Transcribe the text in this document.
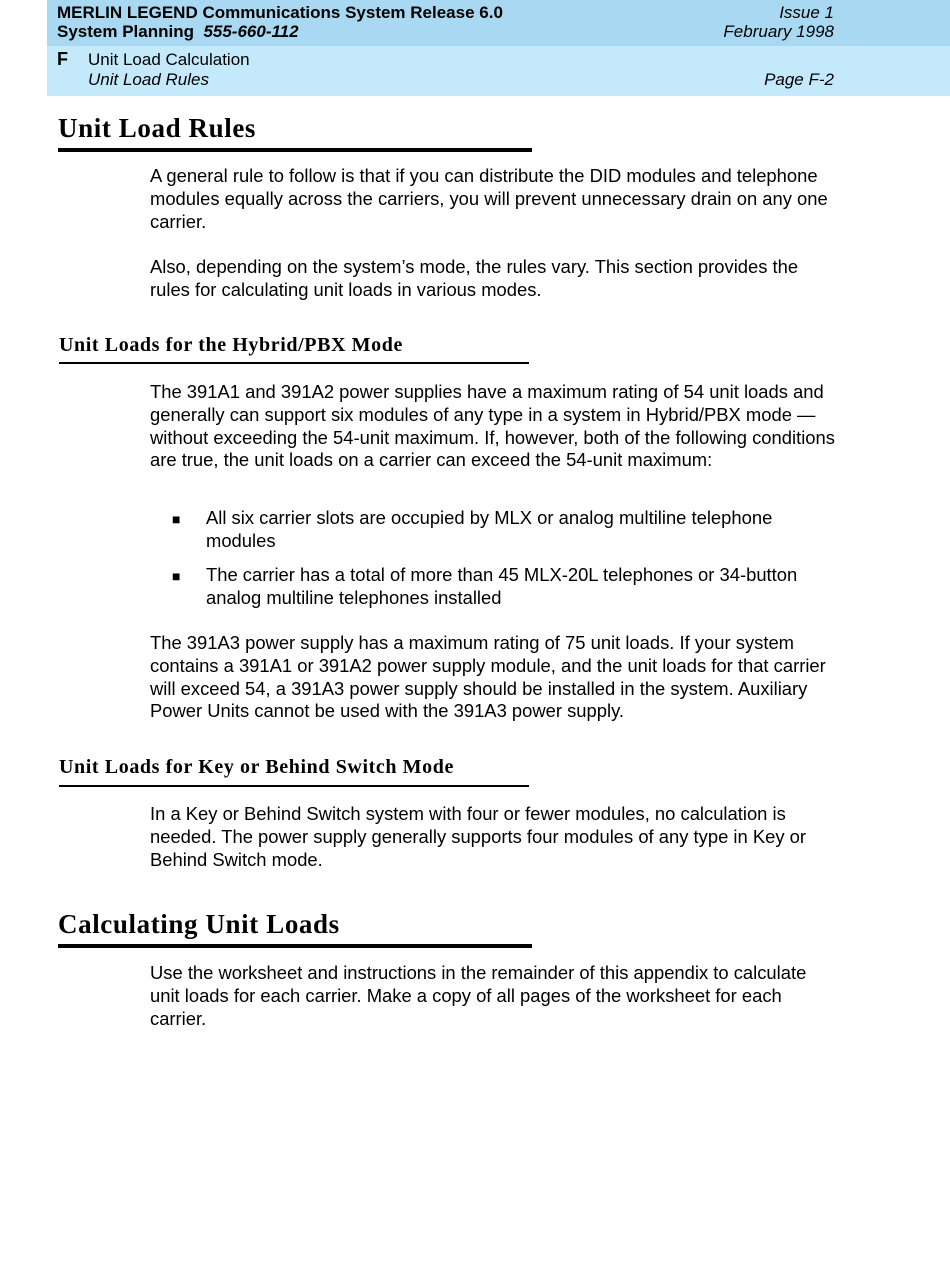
MERLIN LEGEND Communications System Release 6.0	Issue 1
System Planning 555-660-112	February 1998
F Unit Load Calculation
Unit Load Rules	Page F-2
Unit Load Rules
A general rule to follow is that if you can distribute the DID modules and telephone modules equally across the carriers, you will prevent unnecessary drain on any one carrier.
Also, depending on the system’s mode, the rules vary. This section provides the rules for calculating unit loads in various modes.
Unit Loads for the Hybrid/PBX Mode
The 391A1 and 391A2 power supplies have a maximum rating of 54 unit loads and generally can support six modules of any type in a system in Hybrid/PBX mode — without exceeding the 54-unit maximum. If, however, both of the following conditions are true, the unit loads on a carrier can exceed the 54-unit maximum:
■ All six carrier slots are occupied by MLX or analog multiline telephone modules
■ The carrier has a total of more than 45 MLX-20L telephones or 34-button analog multiline telephones installed
The 391A3 power supply has a maximum rating of 75 unit loads. If your system contains a 391A1 or 391A2 power supply module, and the unit loads for that carrier will exceed 54, a 391A3 power supply should be installed in the system. Auxiliary Power Units cannot be used with the 391A3 power supply.
Unit Loads for Key or Behind Switch Mode
In a Key or Behind Switch system with four or fewer modules, no calculation is needed. The power supply generally supports four modules of any type in Key or Behind Switch mode.
Calculating Unit Loads
Use the worksheet and instructions in the remainder of this appendix to calculate unit loads for each carrier. Make a copy of all pages of the worksheet for each carrier.
